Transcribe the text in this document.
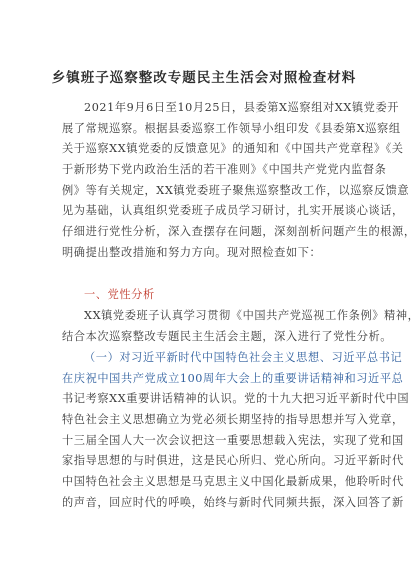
乡镇班子巡察整改专题民主生活会对照检查材料
2021年9月6日至10月25日，县委第X巡察组对XX镇党委开
展了常规巡察。根据县委巡察工作领导小组印发《县委第X巡察组
关于巡察XX镇党委的反馈意见》的通知和《中国共产党章程》《关
于新形势下党内政治生活的若干准则》《中国共产党党内监督条
例》等有关规定，XX镇党委班子聚焦巡察整改工作，以巡察反馈意
见为基础，认真组织党委班子成员学习研讨，扎实开展谈心谈话，
仔细进行党性分析，深入查摆存在问题，深刻剖析问题产生的根源，
明确提出整改措施和努力方向。现对照检查如下：
一、党性分析
XX镇党委班子认真学习贯彻《中国共产党巡视工作条例》精神，
结合本次巡察整改专题民主生活会主题，深入进行了党性分析。
（一）对习近平新时代中国特色社会主义思想、习近平总书记
在庆祝中国共产党成立100周年大会上的重要讲话精神和习近平总
书记考察XX重要讲话精神的认识。党的十九大把习近平新时代中国
特色社会主义思想确立为党必须长期坚持的指导思想并写入党章，
十三届全国人大一次会议把这一重要思想载入宪法，实现了党和国
家指导思想的与时俱进，这是民心所归、党心所向。习近平新时代
中国特色社会主义思想是马克思主义中国化最新成果，他聆听时代
的声音，回应时代的呼唤，始终与新时代同频共振，深入回答了新
